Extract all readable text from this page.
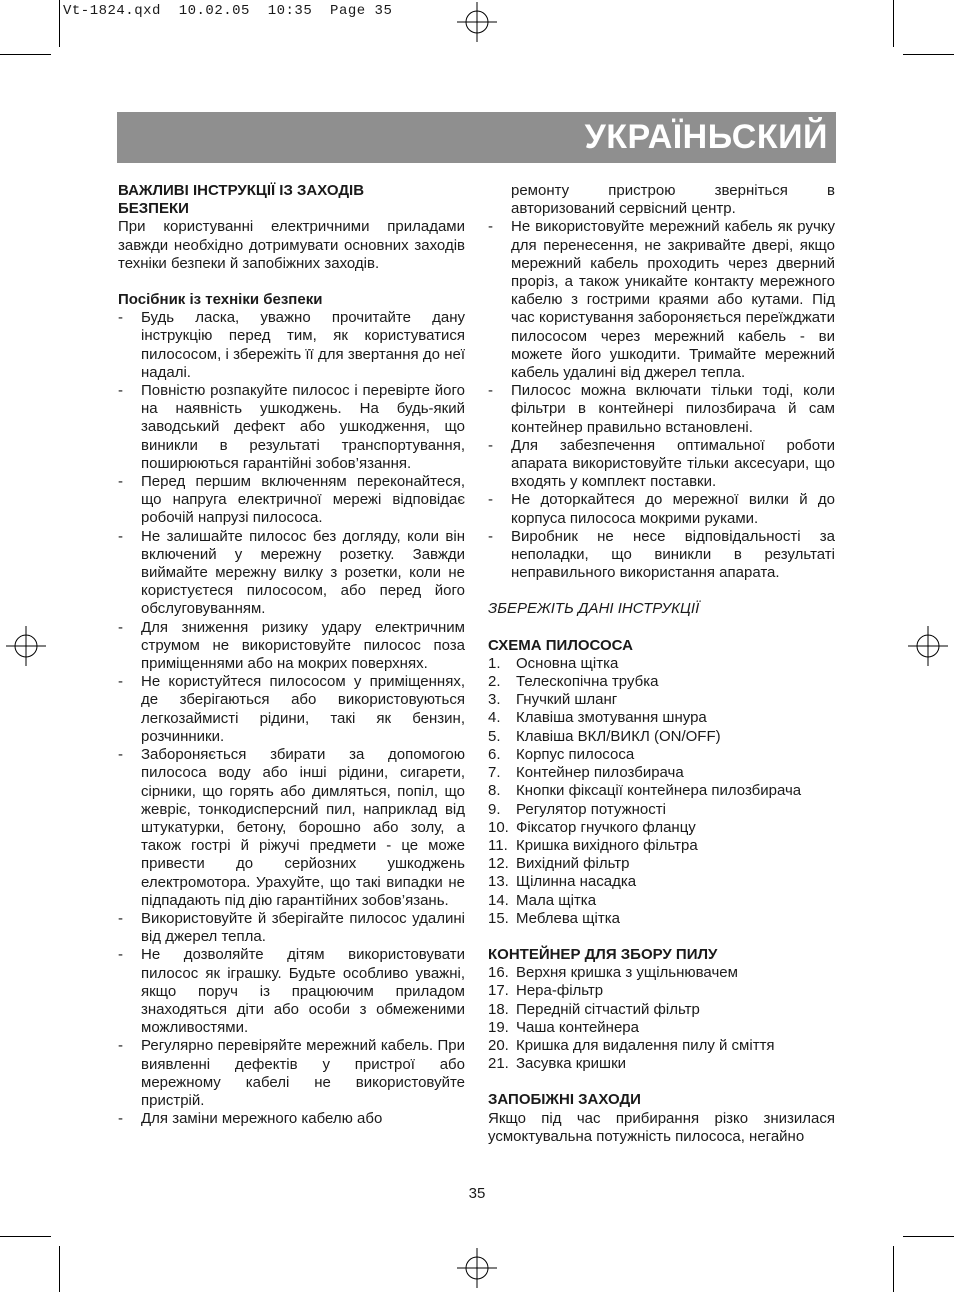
Vt-1824.qxd  10.02.05  10:35  Page 35
УКРАЇНЬСКИЙ
ВАЖЛИВІ ІНСТРУКЦІЇ ІЗ ЗАХОДІВ
БЕЗПЕКИ
При користуванні електричними приладами завжди необхідно дотримувати основних заходів техніки безпеки й запобіжних заходів.
Посібник із техніки безпеки
-	Будь ласка, уважно прочитайте дану інструкцію перед тим, як користуватися пилососом, і збережіть її для звертання до неї надалі.
-	Повністю розпакуйте пилосос і перевірте його на наявність ушкоджень. На будь-який заводський дефект або ушкодження, що виникли в результаті транспортування, поширюються гарантійні зобов’язання.
-	Перед першим включенням переконайтеся, що напруга електричної мережі відповідає робочій напрузі пилососа.
-	Не залишайте пилосос без догляду, коли він включений у мережну розетку. Завжди виймайте мережну вилку з розетки, коли не користуєтеся пилососом, або перед його обслуговуванням.
-	Для зниження ризику удару електричним струмом не використовуйте пилосос поза приміщеннями або на мокрих поверхнях.
-	Не користуйтеся пилососом у приміщеннях, де зберігаються або використовуються легкозаймисті рідини, такі як бензин, розчинники.
-	Забороняється збирати за допомогою пилососа воду або інші рідини, сигарети, сірники, що горять або димляться, попіл, що жевріє, тонкодисперсний пил, наприклад від штукатурки, бетону, борошно або золу, а також гострі й ріжучі предмети - це може привести до серйозних ушкоджень електромотора. Урахуйте, що такі випадки не підпадають під дію гарантійних зобов’язань.
-	Використовуйте й зберігайте пилосос удалині від джерел тепла.
-	Не дозволяйте дітям використовувати пилосос як іграшку. Будьте особливо уважні, якщо поруч із працюючим приладом знаходяться діти або особи з обмеженими можливостями.
-	Регулярно перевіряйте мережний кабель. При виявленні дефектів у пристрої або мережному кабелі не використовуйте пристрій.
-	Для заміни мережного кабелю або
ремонту пристрою зверніться в авторизований сервісний центр.
-	Не використовуйте мережний кабель як ручку для перенесення, не закривайте двері, якщо мережний кабель проходить через дверний проріз, а також уникайте контакту мережного кабелю з гострими краями або кутами. Під час користування забороняється переїжджати пилососом через мережний кабель - ви можете його ушкодити. Тримайте мережний кабель удалині від джерел тепла.
-	Пилосос можна включати тільки тоді, коли фільтри в контейнері пилозбирача й сам контейнер правильно встановлені.
-	Для забезпечення оптимальної роботи апарата використовуйте тільки аксесуари, що входять у комплект поставки.
-	Не доторкайтеся до мережної вилки й до корпуса пилососа мокрими руками.
-	Виробник не несе відповідальності за неполадки, що виникли в результаті неправильного використання апарата.
ЗБЕРЕЖІТЬ ДАНІ ІНСТРУКЦІЇ
СХЕМА ПИЛОСОСА
1.	Основна щітка
2.	Телескопічна трубка
3.	Гнучкий шланг
4.	Клавіша змотування шнура
5.	Клавіша ВКЛ/ВИКЛ (ON/OFF)
6.	Корпус пилососа
7.	Контейнер пилозбирача
8.	Кнопки фіксації контейнера пилозбирача
9.	Регулятор потужності
10. Фіксатор гнучкого фланцу
11. Кришка вихідного фільтра
12. Вихідний фільтр
13. Щілинна насадка
14. Мала щітка
15. Меблева щітка
КОНТЕЙНЕР ДЛЯ ЗБОРУ ПИЛУ
16. Верхня кришка з ущільнювачем
17. Нера-фільтр
18. Передній сітчастий фільтр
19. Чаша контейнера
20. Кришка для видалення пилу й сміття
21. Засувка кришки
ЗАПОБІЖНІ ЗАХОДИ
Якщо під час прибирання різко знизилася усмоктувальна потужність пилососа, негайно
35
